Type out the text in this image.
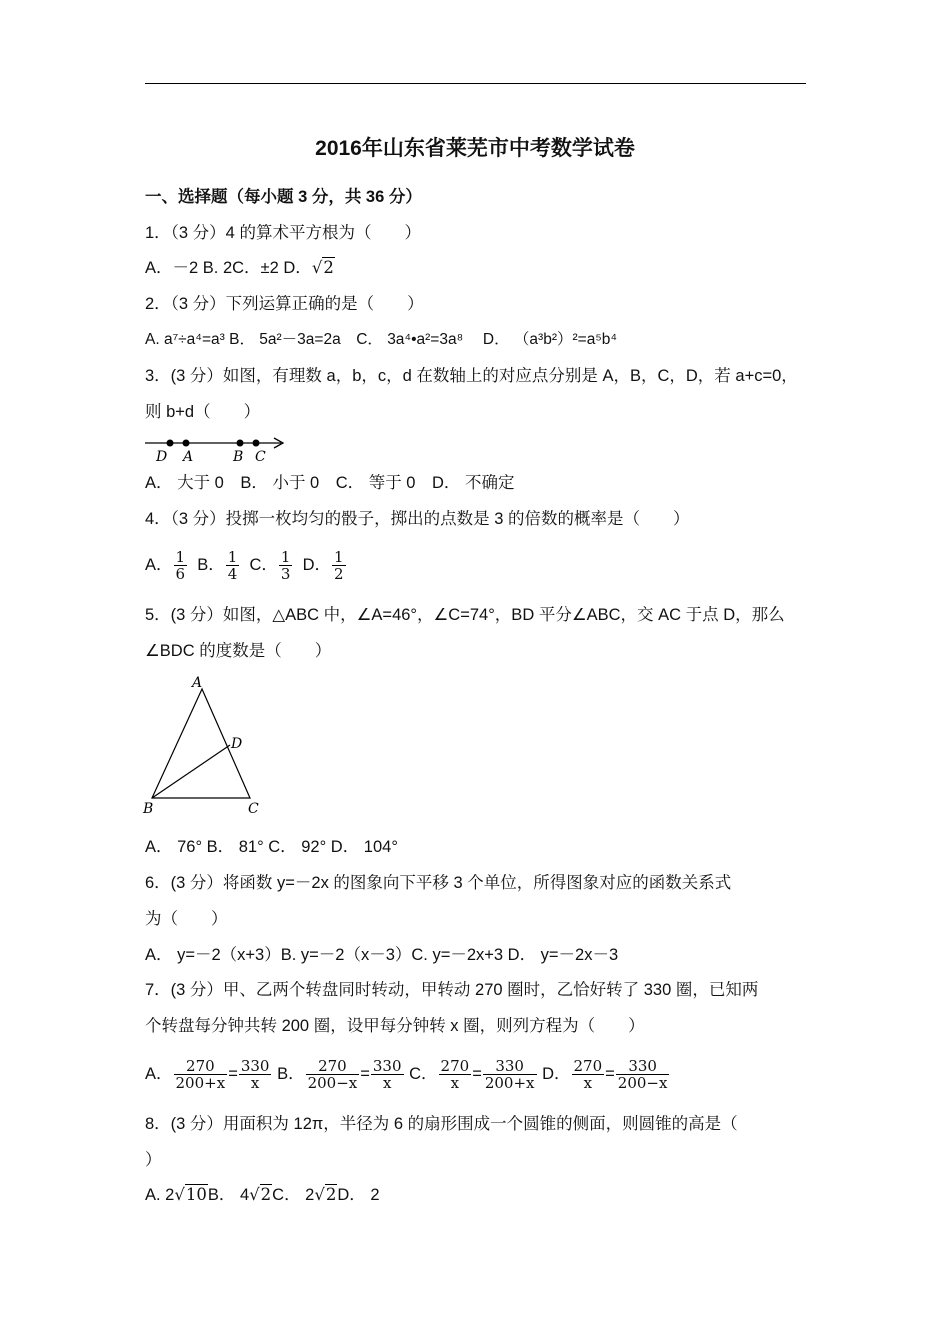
2016年山东省莱芜市中考数学试卷
一、选择题（每小题 3 分，共 36 分）
1．（3 分）4 的算术平方根为（　　）
A．－2 B. 2C．±2 D．√2
2．（3 分）下列运算正确的是（　　）
A. a⁷÷a⁴=a³ B． 5a²－3a=2a　C． 3a⁴•a²=3a⁸　 D． （a³b²）²=a⁵b⁴
3．(3 分）如图，有理数 a，b，c，d 在数轴上的对应点分别是 A，B，C，D，若 a+c=0，
则 b+d（　　）
D A	B C
A． 大于 0　B． 小于 0　C． 等于 0　D． 不确定
4．（3 分）投掷一枚均匀的骰子，掷出的点数是 3 的倍数的概率是（　　）
A． $\frac{1}{6}$ B． $\frac{1}{4}$ C． $\frac{1}{3}$ D． $\frac{1}{2}$
5．(3 分）如图，△ABC 中，∠A=46°，∠C=74°，BD 平分∠ABC，交 AC 于点 D，那么
∠BDC 的度数是（　　）
A
D
B	C
A． 76° B． 81° C． 92° D． 104°
6．(3 分）将函数 y=－2x 的图象向下平移 3 个单位，所得图象对应的函数关系式
为（　　）
A． y=－2（x+3）B. y=－2（x－3）C. y=－2x+3 D． y=－2x－3
7．(3 分）甲、乙两个转盘同时转动，甲转动 270 圈时，乙恰好转了 330 圈，已知两
个转盘每分钟共转 200 圈，设甲每分钟转 x 圈，则列方程为（　　）
A． $\frac{270}{200+x} = \frac{330}{x}$ B． $\frac{270}{200-x} = \frac{330}{x}$ C． $\frac{270}{x} = \frac{330}{200+x}$ D． $\frac{270}{x} = \frac{330}{200-x}$
8．(3 分）用面积为 12π，半径为 6 的扇形围成一个圆锥的侧面，则圆锥的高是（
）
A. 2√10B． 4√2C． 2√2D． 2
